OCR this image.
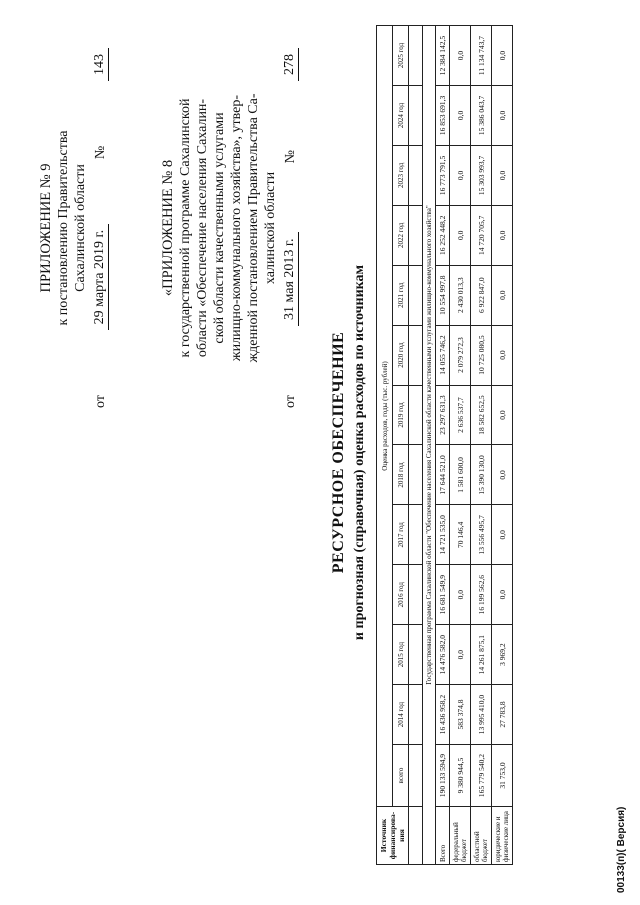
ПРИЛОЖЕНИЕ № 9 к постановлению Правительства Сахалинской области
от
29 марта 2019 г.
№
143
«ПРИЛОЖЕНИЕ № 8 к государственной программе Сахалинской области «Обеспечение населения Сахалин- ской области качественными услугами жилищно-коммунального хозяйства», утвер- жденной постановлением Правительства Са- халинской области
от
31 мая 2013 г.
№
278
РЕСУРСНОЕ ОБЕСПЕЧЕНИЕ и прогнозная (справочная) оценка расходов по источникам
Источник финансирова-ния	Оценка расходов, годы (тыс. рублей)												
	всего	2014 год	2015 год	2016 год	2017 год	2018 год	2019 год	2020 год	2021 год	2022 год	2023 год	2024 год	2025 год

Государственная программа Сахалинской области "Обеспечение населения Сахалинской области качественными услугами жилищно-коммунального хозяйства"													
Всего	190 133 594,9	16 436 958,2	14 476 582,0	16 681 549,9	14 721 535,0	17 644 521,0	23 297 631,3	14 055 746,2	10 554 997,8	16 252 448,2	16 773 791,5	16 853 691,3	12 384 142,5
федеральный бюджет	9 380 944,5	583 374,8	0,0	0,0	70 146,4	1 581 600,0	2 636 537,7	2 079 272,3	2 430 013,3	0,0	0,0	0,0	0,0
областной бюджет	165 779 540,2	13 995 410,0	14 261 875,1	16 199 562,6	13 556 495,7	15 390 130,0	18 582 652,5	10 725 080,5	6 922 847,0	14 720 705,7	15 303 993,7	15 386 043,7	11 134 743,7
юридические и физические лица	31 753,0	27 783,8	3 969,2	0,0	0,0	0,0	0,0	0,0	0,0	0,0	0,0	0,0	0,0
00133(п)( Версия)
